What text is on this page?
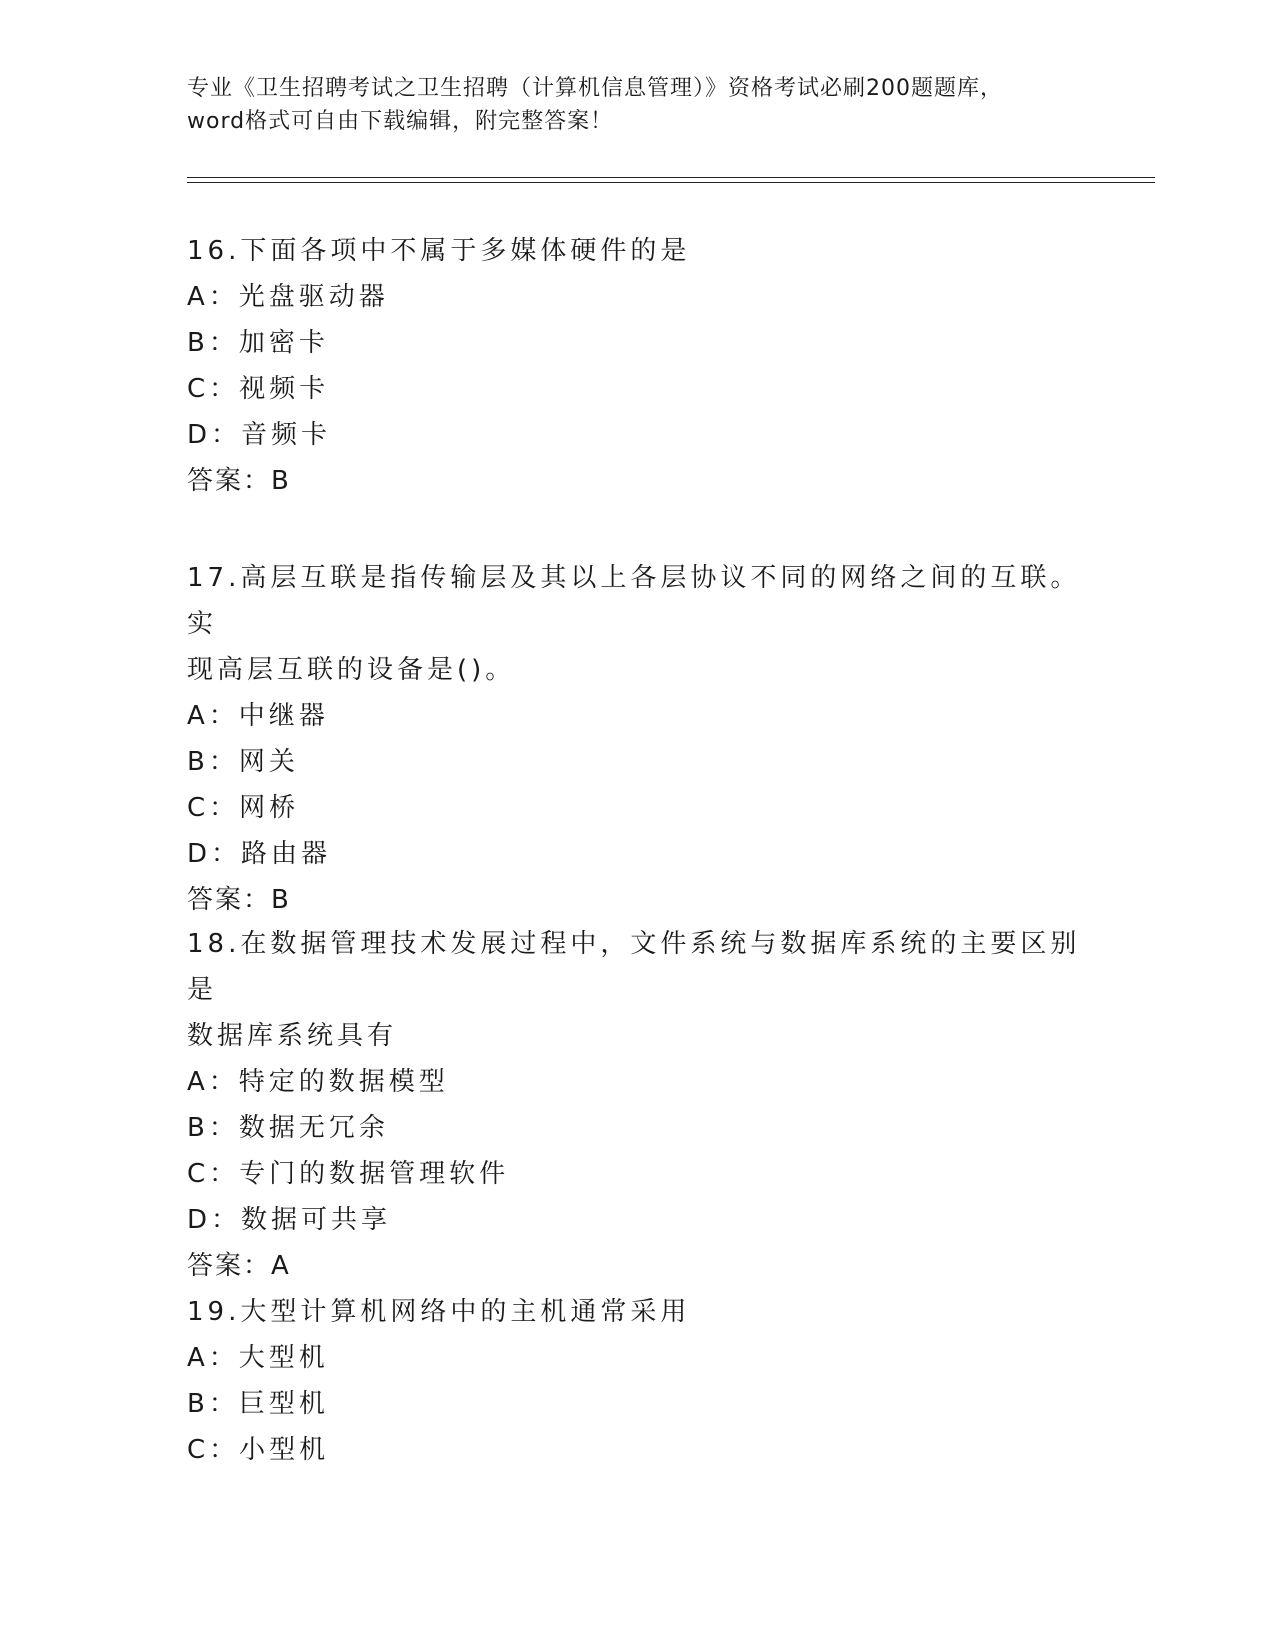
专业《卫生招聘考试之卫生招聘（计算机信息管理）》资格考试必刷200题题库，
word格式可自由下载编辑，附完整答案！

16.下面各项中不属于多媒体硬件的是

A：光盘驱动器

B：加密卡

C：视频卡

D：音频卡

答案：B

17.高层互联是指传输层及其以上各层协议不同的网络之间的互联。实

现高层互联的设备是()。

A：中继器

B：网关

C：网桥

D：路由器

答案：B

18.在数据管理技术发展过程中，文件系统与数据库系统的主要区别是

数据库系统具有

A：特定的数据模型

B：数据无冗余

C：专门的数据管理软件

D：数据可共享

答案：A

19.大型计算机网络中的主机通常采用

A：大型机

B：巨型机

C：小型机
